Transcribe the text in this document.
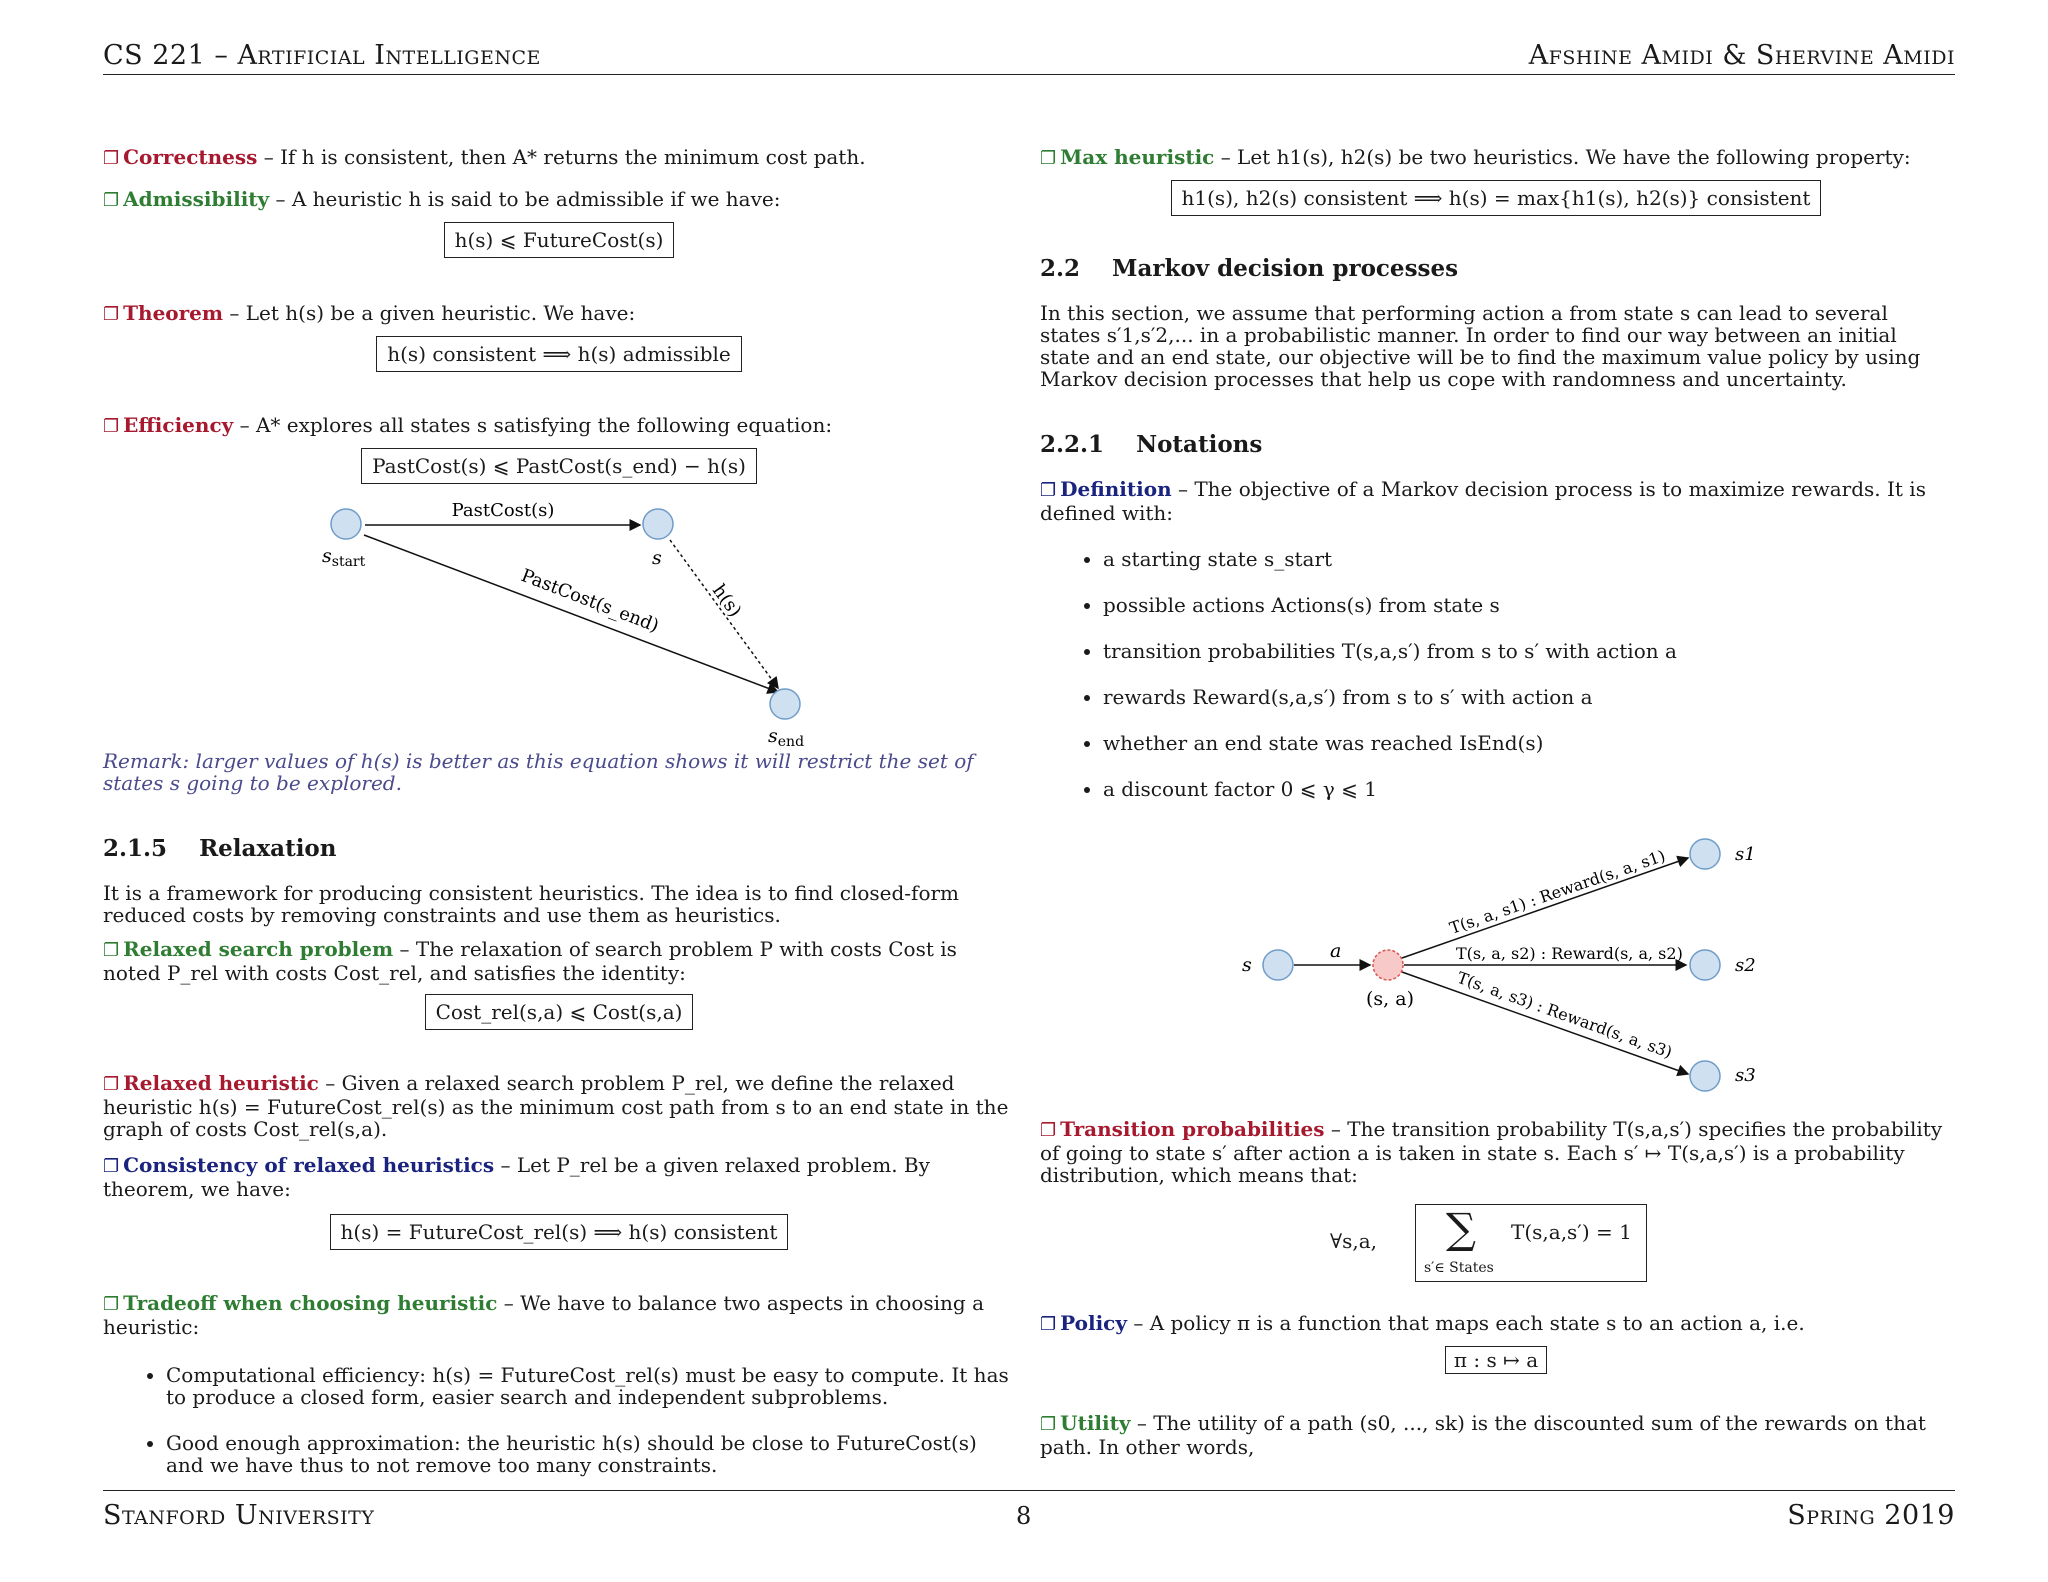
CS 221 – Artificial Intelligence	Afshine Amidi & Shervine Amidi

❐ Correctness – If h is consistent, then A* returns the minimum cost path.

❐ Admissibility – A heuristic h is said to be admissible if we have:

h(s) ⩽ FutureCost(s)

❐ Theorem – Let h(s) be a given heuristic. We have:

h(s) consistent ⟹ h(s) admissible

❐ Efficiency – A* explores all states s satisfying the following equation:

PastCost(s) ⩽ PastCost(s_end) − h(s)
PastCost(s)
PastCost(s_end)	h(s)
$s_{start}$	s
$s_{end}$
Remark: larger values of h(s) is better as this equation shows it will restrict the set of states s going to be explored.

2.1.5 Relaxation

It is a framework for producing consistent heuristics. The idea is to find closed-form reduced costs by removing constraints and use them as heuristics.

❐ Relaxed search problem – The relaxation of search problem P with costs Cost is noted P_rel with costs Cost_rel, and satisfies the identity:

Cost_rel(s,a) ⩽ Cost(s,a)

❐ Relaxed heuristic – Given a relaxed search problem P_rel, we define the relaxed heuristic h(s) = FutureCost_rel(s) as the minimum cost path from s to an end state in the graph of costs Cost_rel(s,a).

❐ Consistency of relaxed heuristics – Let P_rel be a given relaxed problem. By theorem, we have:

h(s) = FutureCost_rel(s) ⟹ h(s) consistent

❐ Tradeoff when choosing heuristic – We have to balance two aspects in choosing a heuristic:

• Computational efficiency: h(s) = FutureCost_rel(s) must be easy to compute. It has to produce a closed form, easier search and independent subproblems.
• Good enough approximation: the heuristic h(s) should be close to FutureCost(s) and we have thus to not remove too many constraints.

❐ Max heuristic – Let h1(s), h2(s) be two heuristics. We have the following property:

h1(s), h2(s) consistent ⟹ h(s) = max{h1(s), h2(s)} consistent

2.2 Markov decision processes

In this section, we assume that performing action a from state s can lead to several states s′1,s′2,... in a probabilistic manner. In order to find our way between an initial state and an end state, our objective will be to find the maximum value policy by using Markov decision processes that help us cope with randomness and uncertainty.

2.2.1 Notations

❐ Definition – The objective of a Markov decision process is to maximize rewards. It is defined with:

• a starting state s_start
• possible actions Actions(s) from state s
• transition probabilities T(s,a,s′) from s to s′ with action a
• rewards Reward(s,a,s′) from s to s′ with action a
• whether an end state was reached IsEnd(s)
• a discount factor 0 ⩽ γ ⩽ 1
s
a
(s, a)
s1
s2
s3
T(s, a, s1) : Reward(s, a, s1)
T(s, a, s2) : Reward(s, a, s2)
T(s, a, s3) : Reward(s, a, s3)

❐ Transition probabilities – The transition probability T(s,a,s′) specifies the probability of going to state s′ after action a is taken in state s. Each s′ ↦ T(s,a,s′) is a probability distribution, which means that:

∀s,a, ∑
s′∈ States
T(s,a,s′) = 1

❐ Policy – A policy π is a function that maps each state s to an action a, i.e.

π : s ↦ a

❐ Utility – The utility of a path (s0, ..., sk) is the discounted sum of the rewards on that path. In other words,

Stanford University	8	Spring 2019
